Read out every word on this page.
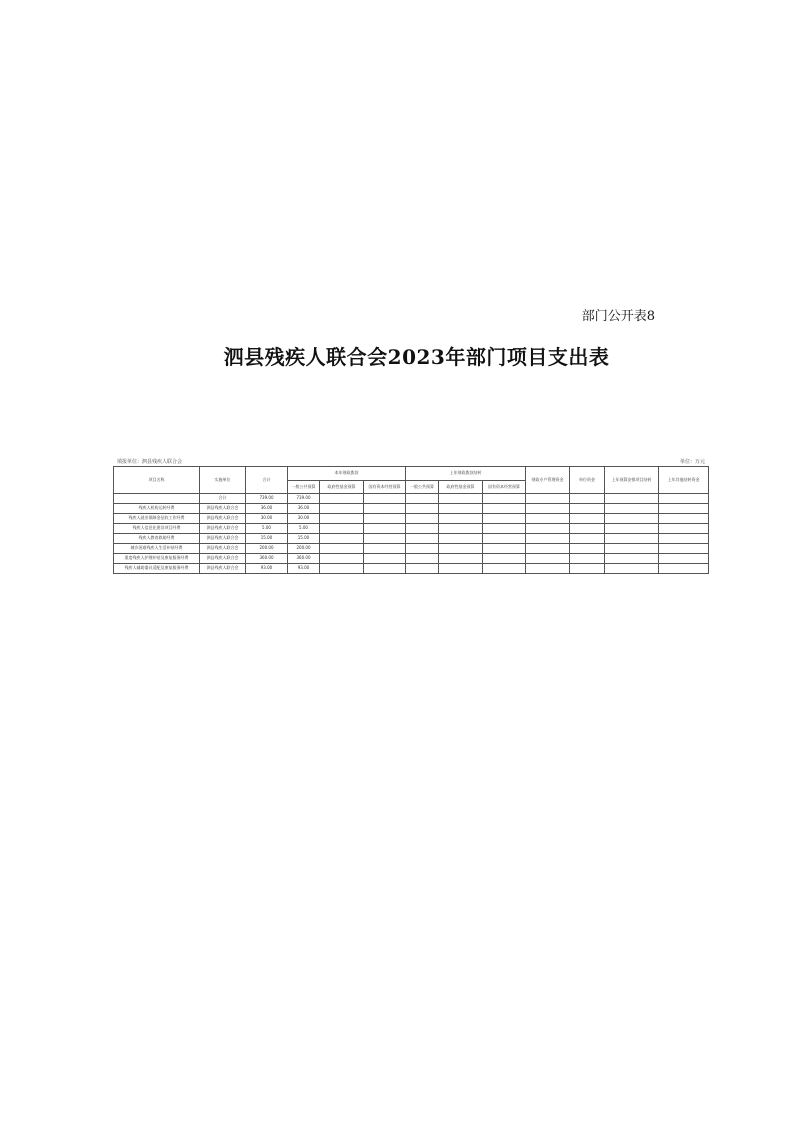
部门公开表8
泗县残疾人联合会2023年部门项目支出表
填报单位：泗县残疾人联合会	单位：万元
项目名称	实施单位	合计	本年财政拨款			上年财政拨款结转			财政专户管理资金	单位资金	上年预算安排项目结转	上年其他结转资金
			一般公共预算	政府性基金预算	国有资本经营预算	一般公共预算	政府性基金预算	国有资本经营预算				
	合计	739.00	739.00									
残疾人机构运转经费	泗县残疾人联合会	36.00	36.00									
残疾人就业保障金征收工作经费	泗县残疾人联合会	30.00	30.00									
残疾人信息化建设项目经费	泗县残疾人联合会	5.00	5.00									
残疾人教育救助经费	泗县残疾人联合会	15.00	15.00									
城乡困难残疾人生活补贴经费	泗县残疾人联合会	200.00	200.00									
重度残疾人护理补贴及康复服务经费	泗县残疾人联合会	360.00	360.00									
残疾人辅助器具适配及康复服务经费	泗县残疾人联合会	93.00	93.00									
